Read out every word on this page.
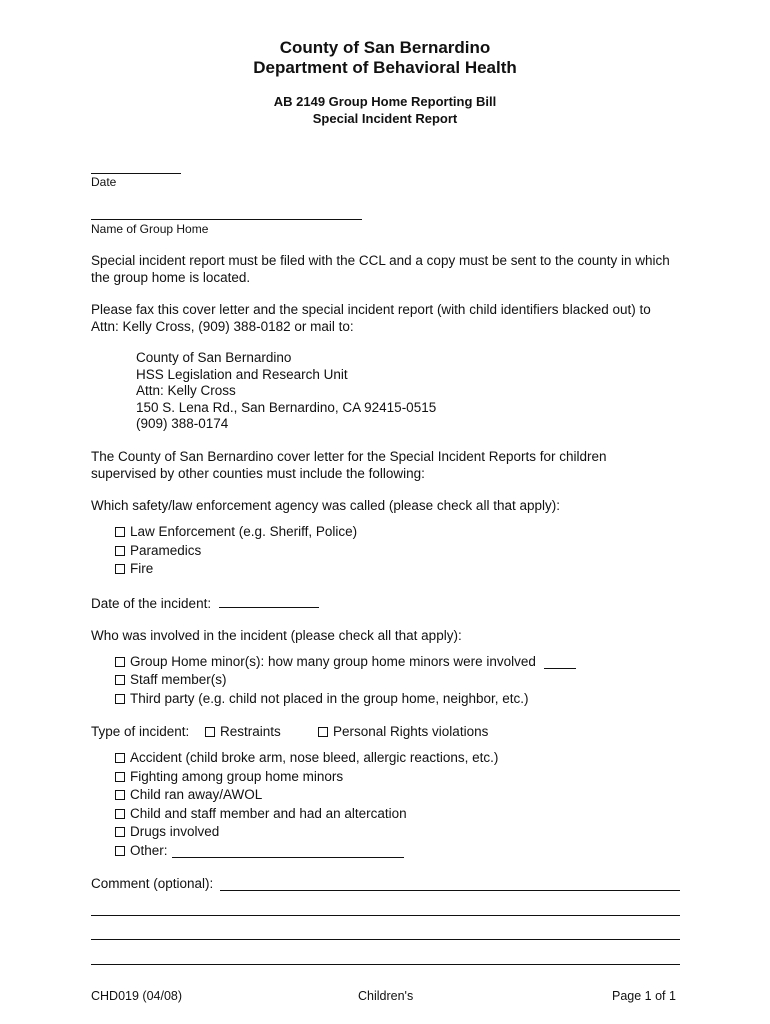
County of San Bernardino
Department of Behavioral Health
AB 2149 Group Home Reporting Bill
Special Incident Report
Date
Name of Group Home
Special incident report must be filed with the CCL and a copy must be sent to the county in which the group home is located.
Please fax this cover letter and the special incident report (with child identifiers blacked out) to Attn: Kelly Cross, (909) 388-0182 or mail to:
County of San Bernardino
HSS Legislation and Research Unit
Attn: Kelly Cross
150 S. Lena Rd., San Bernardino, CA 92415-0515
(909) 388-0174
The County of San Bernardino cover letter for the Special Incident Reports for children supervised by other counties must include the following:
Which safety/law enforcement agency was called (please check all that apply):
Law Enforcement (e.g. Sheriff, Police)
Paramedics
Fire
Date of the incident:
Who was involved in the incident (please check all that apply):
Group Home minor(s): how many group home minors were involved
Staff member(s)
Third party (e.g. child not placed in the group home, neighbor, etc.)
Type of incident: Restraints	Personal Rights violations
Accident (child broke arm, nose bleed, allergic reactions, etc.)
Fighting among group home minors
Child ran away/AWOL
Child and staff member and had an altercation
Drugs involved
Other:
Comment (optional):
CHD019 (04/08)	Children's	Page 1 of 1
